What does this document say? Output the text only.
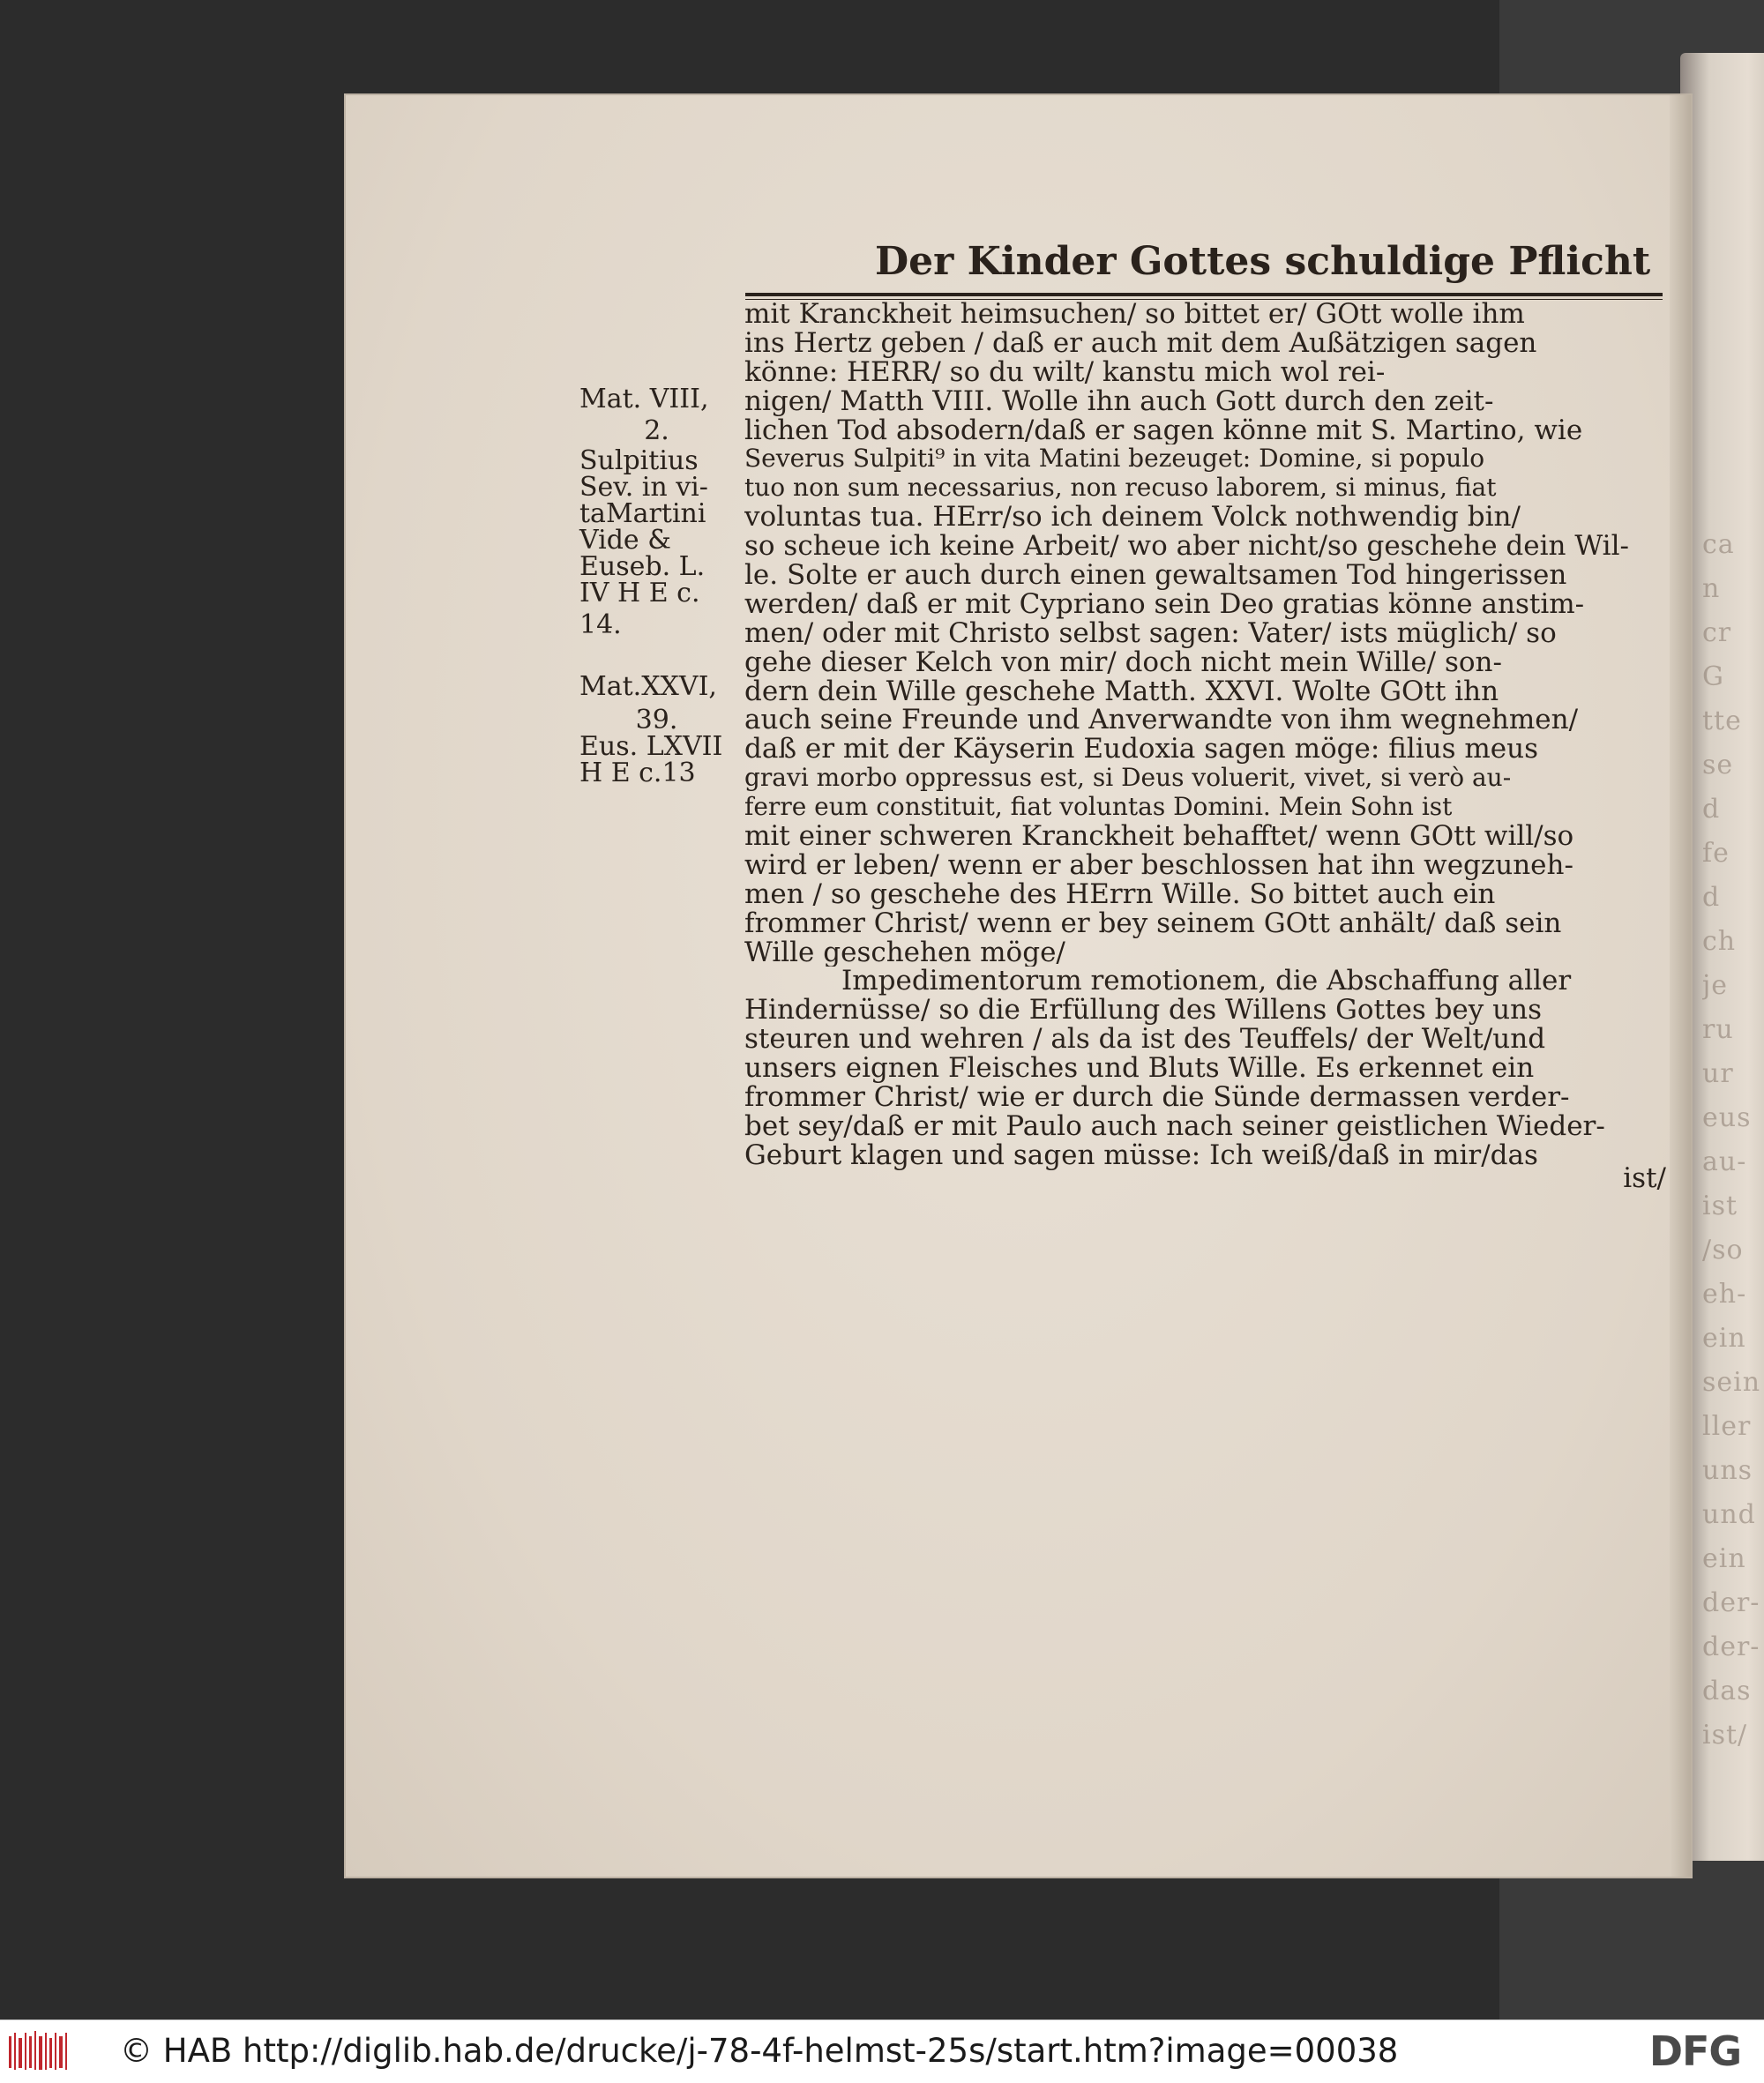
ca
n
cr
G
tte
se
d
fe
d
ch
je
ru
ur
eus
au-
ist
/so
eh-
ein
sein
ller
uns
und
ein
der-
der-
das
ist/
Der Kinder Gottes schuldige Pflicht
mit Kranckheit heimsuchen/ so bittet er/ GOtt wolle ihm
ins Hertz geben / daß er auch mit dem Außätzigen sagen
könne: HERR/ so du wilt/ kanstu mich wol rei-
nigen/ Matth VIII. Wolle ihn auch Gott durch den zeit-
lichen Tod absodern/daß er sagen könne mit S. Martino, wie
Severus Sulpiti⁹ in vita Matini bezeuget: Domine, si populo
tuo non sum necessarius, non recuso laborem, si minus, fiat
voluntas tua. HErr/so ich deinem Volck nothwendig bin/
so scheue ich keine Arbeit/ wo aber nicht/so geschehe dein Wil-
le. Solte er auch durch einen gewaltsamen Tod hingerissen
werden/ daß er mit Cypriano sein Deo gratias könne anstim-
men/ oder mit Christo selbst sagen: Vater/ ists müglich/ so
gehe dieser Kelch von mir/ doch nicht mein Wille/ son-
dern dein Wille geschehe Matth. XXVI. Wolte GOtt ihn
auch seine Freunde und Anverwandte von ihm wegnehmen/
daß er mit der Käyserin Eudoxia sagen möge: filius meus
gravi morbo oppressus est, si Deus voluerit, vivet, si verò au-
ferre eum constituit, fiat voluntas Domini. Mein Sohn ist
mit einer schweren Kranckheit behafftet/ wenn GOtt will/so
wird er leben/ wenn er aber beschlossen hat ihn wegzuneh-
men / so geschehe des HErrn Wille. So bittet auch ein
frommer Christ/ wenn er bey seinem GOtt anhält/ daß sein
Wille geschehen möge/
Impedimentorum remotionem, die Abschaffung aller
Hindernüsse/ so die Erfüllung des Willens Gottes bey uns
steuren und wehren / als da ist des Teuffels/ der Welt/und
unsers eignen Fleisches und Bluts Wille. Es erkennet ein
frommer Christ/ wie er durch die Sünde dermassen verder-
bet sey/daß er mit Paulo auch nach seiner geistlichen Wieder-
Geburt klagen und sagen müsse: Ich weiß/daß in mir/das
ist/
Mat. VIII,
2.
Sulpitius
Sev. in vi-
taMartini
Vide &
Euseb. L.
IV H E c.
14.
Mat.XXVI,
39.
Eus. LXVII
H E c.13
© HAB http://diglib.hab.de/drucke/j-78-4f-helmst-25s/start.htm?image=00038	DFG
